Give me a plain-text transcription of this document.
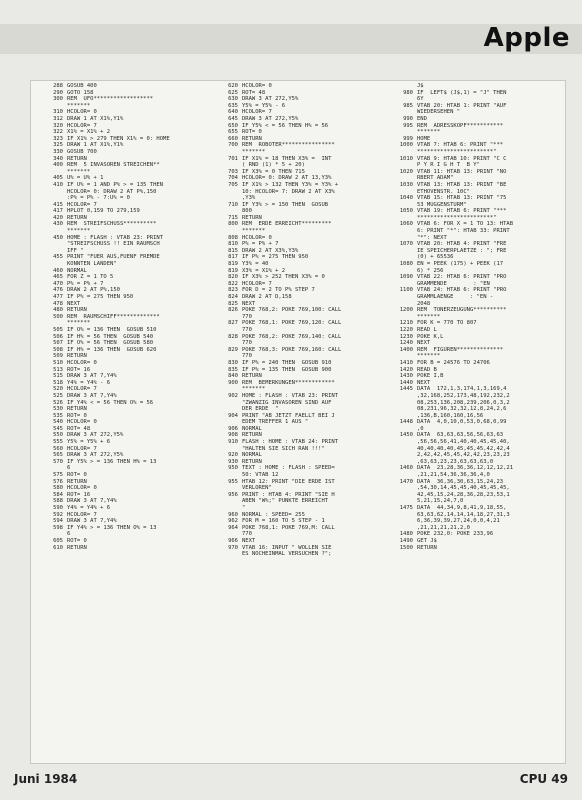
Apple
288 GOSUB 400
290 GOTO 158
300 REM  UFO******************
*******
310 HCOLOR= 0
312 DRAW 1 AT X1%,Y1%
320 HCOLOR= 7
322 X1% = X1% + 2
323 IF X1% > 279 THEN X1% = 0: HOME
325 DRAW 1 AT X1%,Y1%
330 GOSUB 700
340 RETURN
400 REM  5 INVASOREN STREICHEN**
*******
405 U% = U% + 1
410 IF U% = 1 AND P% > = 135 THEN
HCOLOR= 0: DRAW 2 AT P%,150
:P% = P% - 7:U% = 0
415 HCOLOR= 7
417 HPLOT 0,159 TO 279,159
420 RETURN
430 REM  STREIFSCHUSS**********
*******
450 HOME : FLASH : VTAB 23: PRINT
"STREIFSCHUSS !! EIN RAUMSCH
IFF "
455 PRINT "FUER AUS,FUENF FREMDE
KONNTEN LANDEN"
460 NORMAL
465 FOR Z = 1 TO 5
470 P% = P% + 7
476 DRAW 2 AT P%,150
477 IF P% = 275 THEN 950
478 NEXT
480 RETURN
500 REM  RAUMSCHIFF*************
*******
505 IF O% = 136 THEN  GOSUB 510
506 IF H% = 56 THEN  GOSUB 540
507 IF O% = 56 THEN  GOSUB 580
508 IF H% = 136 THEN  GOSUB 620
509 RETURN
510 HCOLOR= 0
513 ROT= 16
515 DRAW 3 AT 7,Y4%
518 Y4% = Y4% - 6
520 HCOLOR= 7
525 DRAW 3 AT 7,Y4%
526 IF Y4% < = 56 THEN O% = 56
530 RETURN
535 ROT= 0
540 HCOLOR= 0
545 ROT= 48
550 DRAW 3 AT 272,Y5%
555 Y5% = Y5% + 6
560 HCOLOR= 7
565 DRAW 3 AT 272,Y5%
570 IF Y5% > = 136 THEN H% = 13
6
575 ROT= 0
576 RETURN
580 HCOLOR= 0
584 ROT= 16
588 DRAW 3 AT 7,Y4%
590 Y4% = Y4% + 6
592 HCOLOR= 7
594 DRAW 3 AT 7,Y4%
598 IF Y4% > = 136 THEN O% = 13
6
605 ROT= 0
610 RETURN
620 HCOLOR= 0
625 ROT= 48
630 DRAW 3 AT 272,Y5%
635 Y5% = Y5% - 6
640 HCOLOR= 7
645 DRAW 3 AT 272,Y5%
650 IF Y5% < = 56 THEN H% = 56
655 ROT= 0
660 RETURN
700 REM  ROBOTER****************
*******
701 IF X1% = 18 THEN X3% =  INT
( RND (1) * 5 + 20)
703 IF X3% = 0 THEN 715
704 HCOLOR= 0: DRAW 2 AT 13,Y3%
705 IF X1% > 132 THEN Y3% = Y3% +
10: HCOLOR= 7: DRAW 2 AT X3%
,Y3%
710 IF Y3% > = 150 THEN  GOSUB
800
715 RETURN
800 REM  ERDE ERREICHT*********
*******
808 HCOLOR= 0
810 P% = P% + 7
815 DRAW 2 AT X3%,Y3%
817 IF P% = 275 THEN 950
819 Y3% = 40
819 X3% = X1% + 2
820 IF X3% > 252 THEN X3% = 0
822 HCOLOR= 7
823 FOR D = 2 TO P% STEP 7
824 DRAW 2 AT D,158
825 NEXT
826 POKE 768,2: POKE 769,100: CALL
770
827 POKE 768,1: POKE 769,120: CALL
770
828 POKE 768,2: POKE 769,140: CALL
770
829 POKE 768,3: POKE 769,160: CALL
770
830 IF P% = 240 THEN  GOSUB 910
835 IF P% = 135 THEN  GOSUB 900
840 RETURN
900 REM  BEMERKUNGEN************
*******
902 HOME : FLASH : VTAB 23: PRINT
"ZWANZIG INVASOREN SIND AUF
DER ERDE  "
904 PRINT "AB JETZT FAELLT BEI J
EDEM TREFFER 1 AUS "
906 NORMAL
908 RETURN
910 FLASH : HOME : VTAB 24: PRINT
"HALTEN SIE SICH RAN !!!"
920 NORMAL
930 RETURN
950 TEXT : HOME : FLASH : SPEED=
50: VTAB 12
955 HTAB 12: PRINT "DIE ERDE IST
VERLOREN"
956 PRINT : HTAB 4: PRINT "SIE H
ABEN "W%;" PUNKTE ERREICHT
"
960 NORMAL : SPEED= 255
962 FOR M = 160 TO 5 STEP - 1
964 POKE 768,1: POKE 769,M: CALL
770
966 NEXT
970 VTAB 16: INPUT " WOLLEN SIE
ES NOCHEINMAL VERSUCHEN ?";
J$
980 IF  LEFT$ (J$,1) = "J" THEN
6Y
985 VTAB 20: HTAB 1: PRINT "AUF
WIEDERSEHEN "
990 END
995 REM  ADRESSKOPF***********
*******
999 HOME
1000 VTAB 7: HTAB 6: PRINT "***
***********************"
1010 VTAB 9: HTAB 10: PRINT "C C
P Y R I G H T  B Y"
1020 VTAB 11: HTAB 13: PRINT "NO
RBERT ADAM"
1030 VTAB 13: HTAB 13: PRINT "BE
ETHOVENSTR. 10C"
1040 VTAB 15: HTAB 13: PRINT "75
53 MUGGENSTURM"
1050 VTAB 19: HTAB 6: PRINT "***
***********************"
1060 VTAB 6: FOR X = 1 TO 13: HTAB
6: PRINT "*": HTAB 33: PRINT
"*": NEXT
1070 VTAB 20: HTAB 4: PRINT "FRE
IE SPEICHERPLAETZE : "; FRE
(0) + 65536
1080 EN = PEEK (175) + PEEK (17
6) * 256
1090 VTAB 22: HTAB 6: PRINT "PRO
GRAMMENDE        : "EN
1100 VTAB 24: HTAB 6: PRINT "PRO
GRAMMLAENGE     : "EN -
2048
1200 REM  TONERZEUGUNG**********
*******
1210 FOR K = 770 TO 807
1220 READ L
1230 POKE K,L
1240 NEXT
1400 REM  FIGUREN**************
*******
1410 FOR B = 24576 TO 24706
1420 READ B
1430 POKE I,B
1440 NEXT
1445 DATA  172,1,3,174,1,3,169,4
,32,168,252,173,48,192,232,2
08,253,136,208,239,206,0,3,2
08,231,96,32,32,12,8,24,2,6
,136,B,160,160,16,56
1448 DATA  4,0,10,0,53,0,68,0,99
,0
1450 DATA  63,63,63,56,56,63,63
,56,56,56,41,40,40,45,45,40,
40,40,40,40,45,45,45,42,42,4
2,42,42,45,45,42,42,23,23,23
,63,63,23,23,63,63,63,0
1460 DATA  23,28,36,36,12,12,12,21
,21,21,54,36,36,36,4,0
1470 DATA  36,36,30,63,15,24,23
,54,30,14,45,45,40,45,45,45,
42,45,15,24,28,36,28,23,53,1
5,21,15,24,7,0
1475 DATA  44,34,9,8,41,9,18,55,
63,63,62,14,14,14,18,27,31,3
6,36,39,39,27,24,0,0,4,21
,21,21,21,21,2,0
1480 POKE 232,0: POKE 233,96
1490 GET J$
1500 RETURN
Juni 1984	CPU 49
